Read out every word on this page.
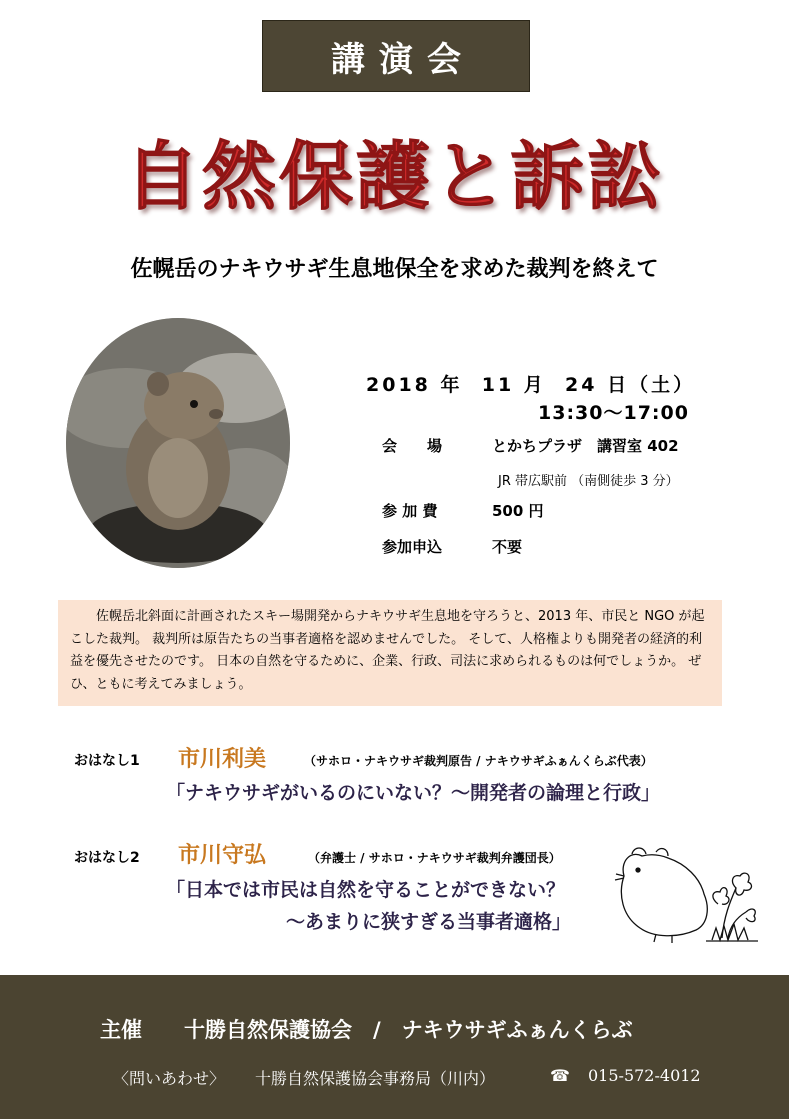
講演会
自然保護と訴訟
佐幌岳のナキウサギ生息地保全を求めた裁判を終えて
2018 年  11 月  24 日（土）
13:30〜17:00
会　　場	とかちプラザ　講習室 402
JR 帯広駅前 （南側徒歩 3 分）
参 加 費	500 円
参加申込	不要
佐幌岳北斜面に計画されたスキー場開発からナキウサギ生息地を守ろうと、2013 年、市民と NGO が起こした裁判。 裁判所は原告たちの当事者適格を認めませんでした。 そして、人格権よりも開発者の経済的利益を優先させたのです。 日本の自然を守るために、企業、行政、司法に求められるものは何でしょうか。 ぜひ、ともに考えてみましょう。
おはなし1 市川利美	（サホロ・ナキウサギ裁判原告 / ナキウサギふぁんくらぶ代表）
「ナキウサギがいるのにいない？〜開発者の論理と行政」
おはなし2 市川守弘	（弁護士 / サホロ・ナキウサギ裁判弁護団長）
「日本では市民は自然を守ることができない？
〜あまりに狭すぎる当事者適格」
主催　　十勝自然保護協会　/　ナキウサギふぁんくらぶ
〈問いあわせ〉 十勝自然保護協会事務局（川内）	☎ 015-572-4012
